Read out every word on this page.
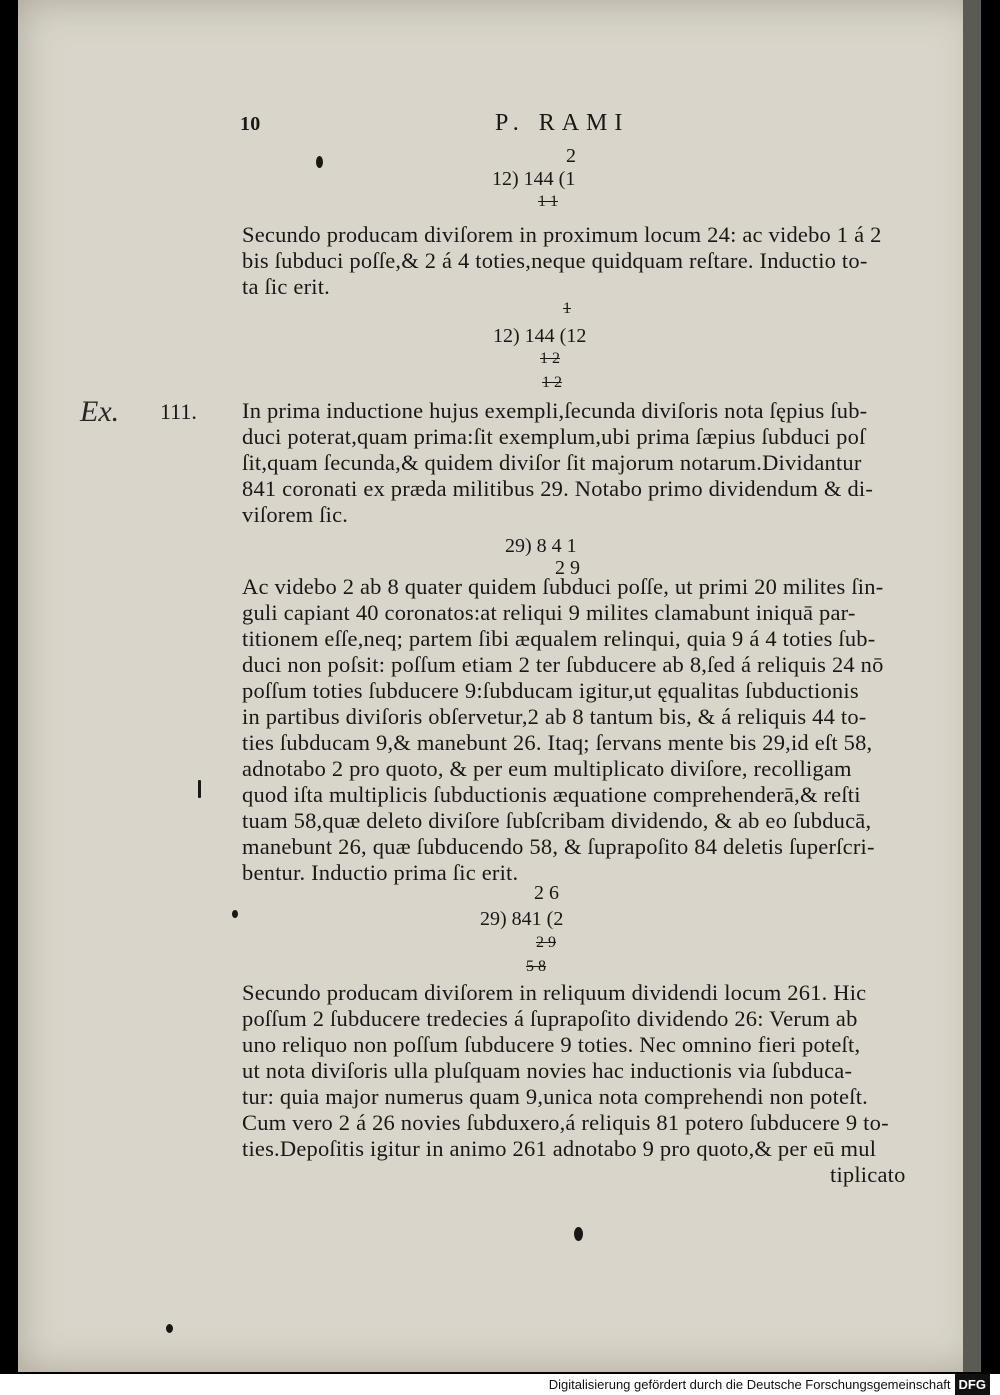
10	P. RAMI
2
12) 144 (1
1 1
Secundo producam diviſorem in proximum locum 24: ac videbo 1 á 2
bis ſubduci poſſe,& 2 á 4 toties,neque quidquam reſtare. Inductio to-
ta ſic erit.
1
12) 144 (12
1 2
1 2
Ex. 111. In prima inductione hujus exempli,ſecunda diviſoris nota ſępius ſub-
duci poterat,quam prima:ſit exemplum,ubi prima ſæpius ſubduci poſ
ſit,quam ſecunda,& quidem diviſor ſit majorum notarum.Dividantur
841 coronati ex præda militibus 29. Notabo primo dividendum & di-
viſorem ſic.
29) 8 4 1
2 9
Ac videbo 2 ab 8 quater quidem ſubduci poſſe, ut primi 20 milites ſin-
guli capiant 40 coronatos:at reliqui 9 milites clamabunt iniquā par-
titionem eſſe,neq; partem ſibi æqualem relinqui, quia 9 á 4 toties ſub-
duci non poſsit: poſſum etiam 2 ter ſubducere ab 8,ſed á reliquis 24 nō
poſſum toties ſubducere 9:ſubducam igitur,ut ęqualitas ſubductionis
in partibus diviſoris obſervetur,2 ab 8 tantum bis, & á reliquis 44 to-
ties ſubducam 9,& manebunt 26. Itaq; ſervans mente bis 29,id eſt 58,
adnotabo 2 pro quoto, & per eum multiplicato diviſore, recolligam
quod iſta multiplicis ſubductionis æquatione comprehenderā,& reſti
tuam 58,quæ deleto diviſore ſubſcribam dividendo, & ab eo ſubducā,
manebunt 26, quæ ſubducendo 58, & ſuprapoſito 84 deletis ſuperſcri-
bentur. Inductio prima ſic erit.
2 6
29) 841 (2
2 9
5 8
Secundo producam diviſorem in reliquum dividendi locum 261. Hic
poſſum 2 ſubducere tredecies á ſuprapoſito dividendo 26: Verum ab
uno reliquo non poſſum ſubducere 9 toties. Nec omnino fieri poteſt,
ut nota diviſoris ulla pluſquam novies hac inductionis via ſubduca-
tur: quia major numerus quam 9,unica nota comprehendi non poteſt.
Cum vero 2 á 26 novies ſubduxero,á reliquis 81 potero ſubducere 9 to-
ties.Depoſitis igitur in animo 261 adnotabo 9 pro quoto,& per eū mul
tiplicato
Digitalisierung gefördert durch die Deutsche Forschungsgemeinschaft DFG
